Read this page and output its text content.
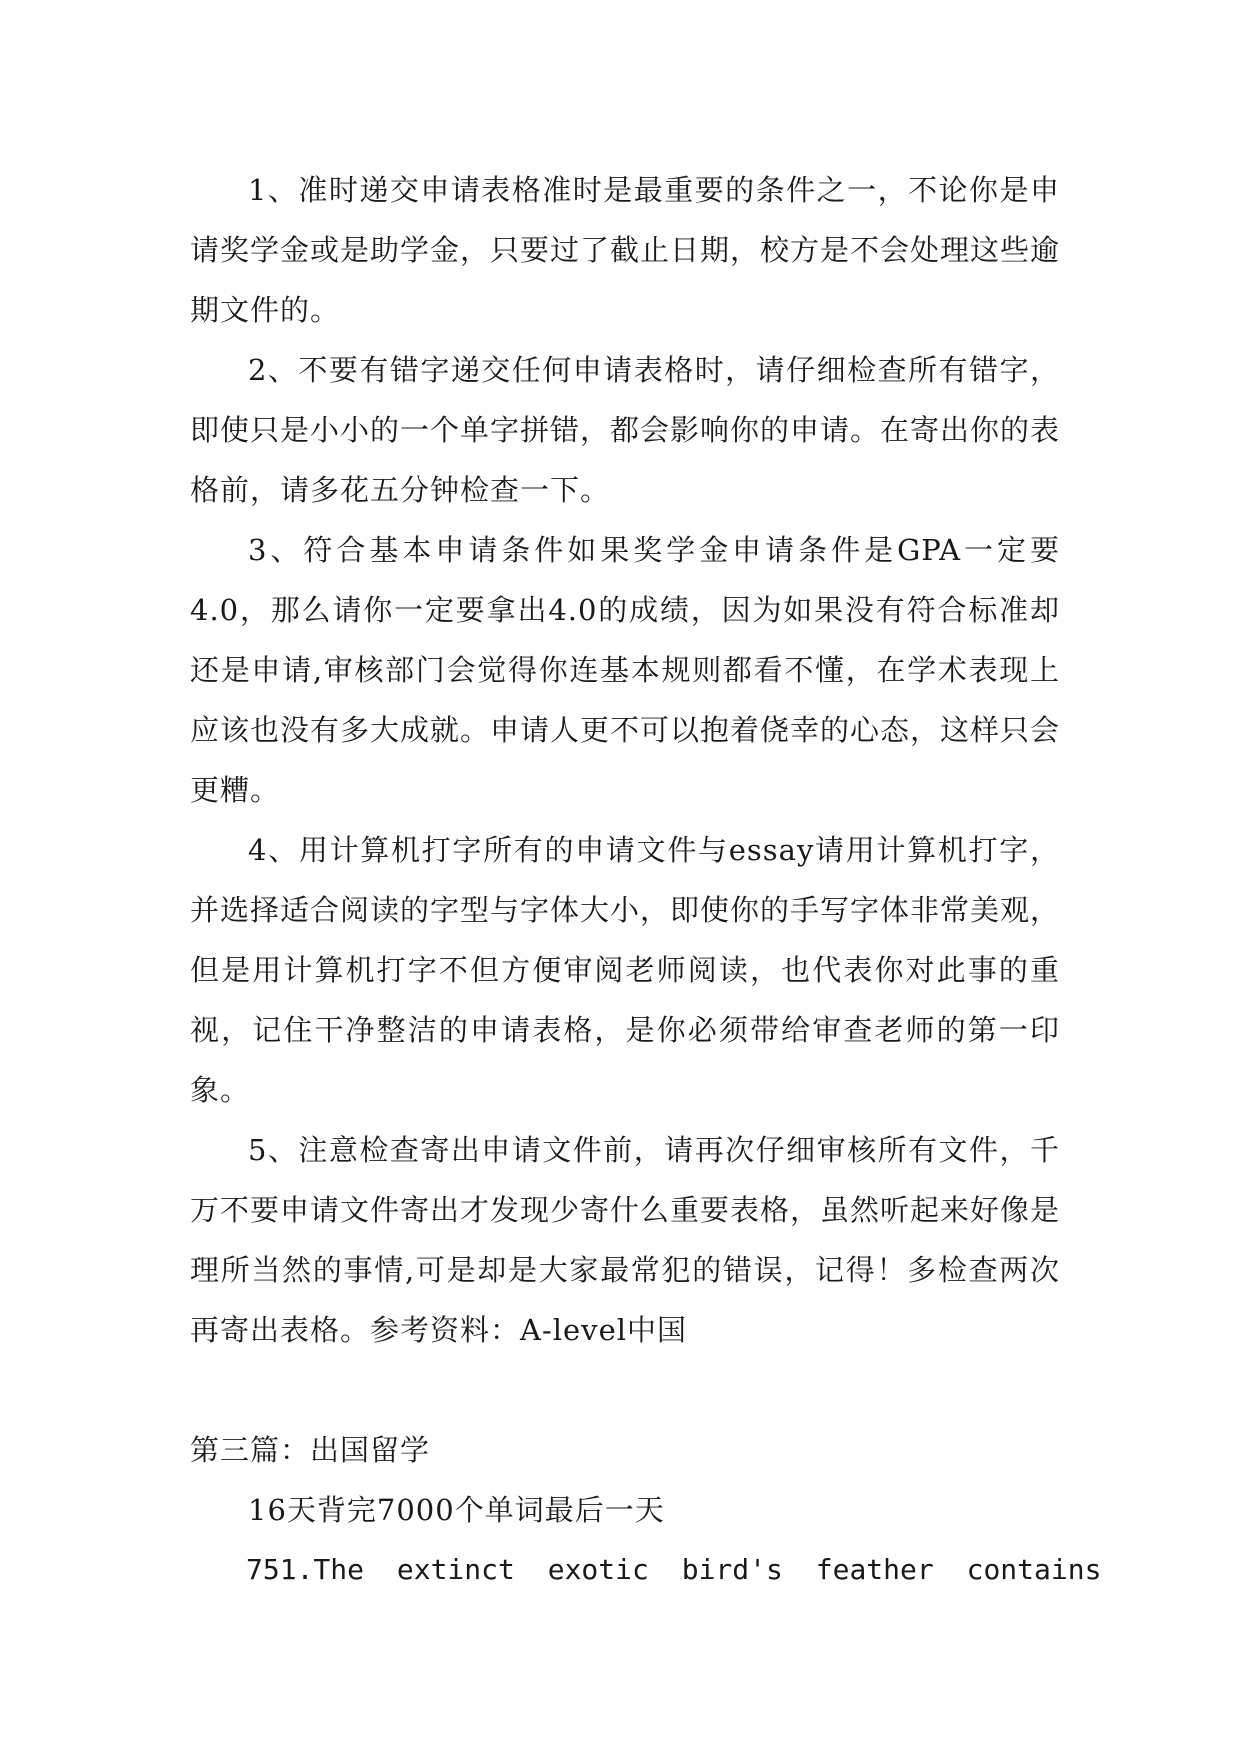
1、准时递交申请表格准时是最重要的条件之一，不论你是申请奖学金或是助学金，只要过了截止日期，校方是不会处理这些逾期文件的。

2、不要有错字递交任何申请表格时，请仔细检查所有错字，即使只是小小的一个单字拼错，都会影响你的申请。在寄出你的表格前，请多花五分钟检查一下。

3、符合基本申请条件如果奖学金申请条件是GPA一定要4.0，那么请你一定要拿出4.0的成绩，因为如果没有符合标准却还是申请,审核部门会觉得你连基本规则都看不懂，在学术表现上应该也没有多大成就。申请人更不可以抱着侥幸的心态，这样只会更糟。

4、用计算机打字所有的申请文件与essay请用计算机打字，并选择适合阅读的字型与字体大小，即使你的手写字体非常美观，但是用计算机打字不但方便审阅老师阅读，也代表你对此事的重视，记住干净整洁的申请表格，是你必须带给审查老师的第一印象。

5、注意检查寄出申请文件前，请再次仔细审核所有文件，千万不要申请文件寄出才发现少寄什么重要表格，虽然听起来好像是理所当然的事情,可是却是大家最常犯的错误，记得！多检查两次再寄出表格。参考资料：A-level中国

第三篇：出国留学

16天背完7000个单词最后一天

751.The extinct exotic bird's feather contains
